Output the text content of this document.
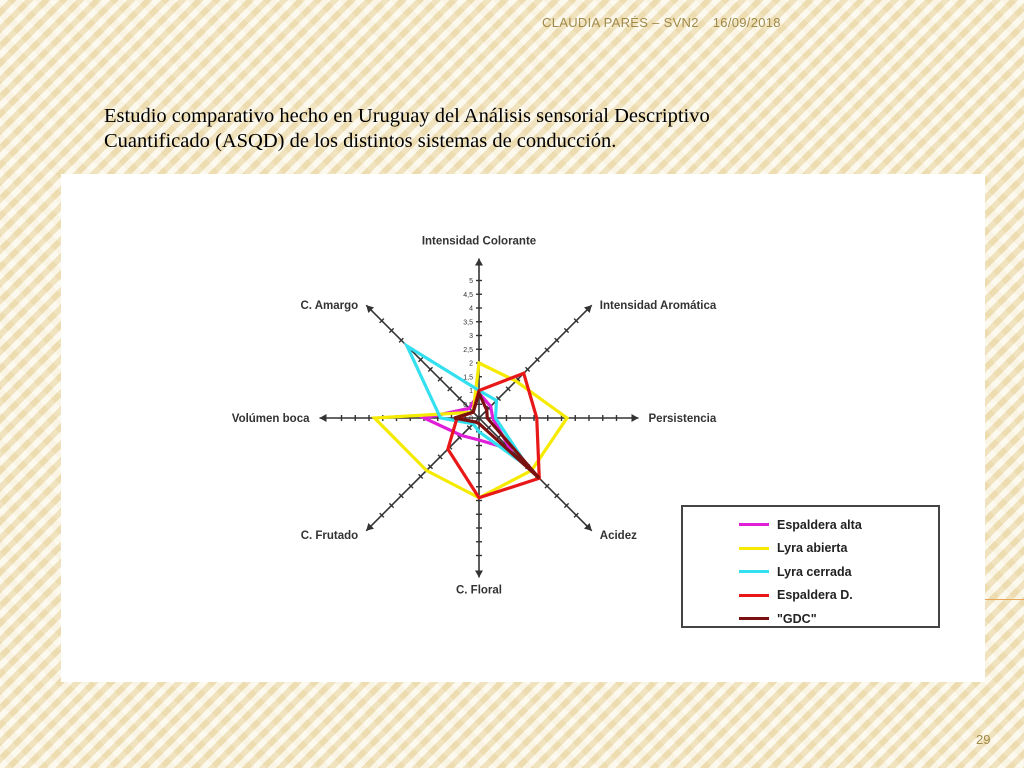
CLAUDIA PARÉS – SVN2 16/09/2018
Estudio comparativo hecho en Uruguay del Análisis sensorial Descriptivo
Cuantificado (ASQD) de los distintos sistemas de conducción.
0
0,5
1
1,5
2
2,5
3
3,5
4
4,5
5
Intensidad Colorante
Intensidad Aromática
Persistencia
Acidez
C. Floral
C. Frutado
Volúmen boca
C. Amargo
Espaldera alta
Lyra abierta
Lyra cerrada
Espaldera D.
"GDC"
29
